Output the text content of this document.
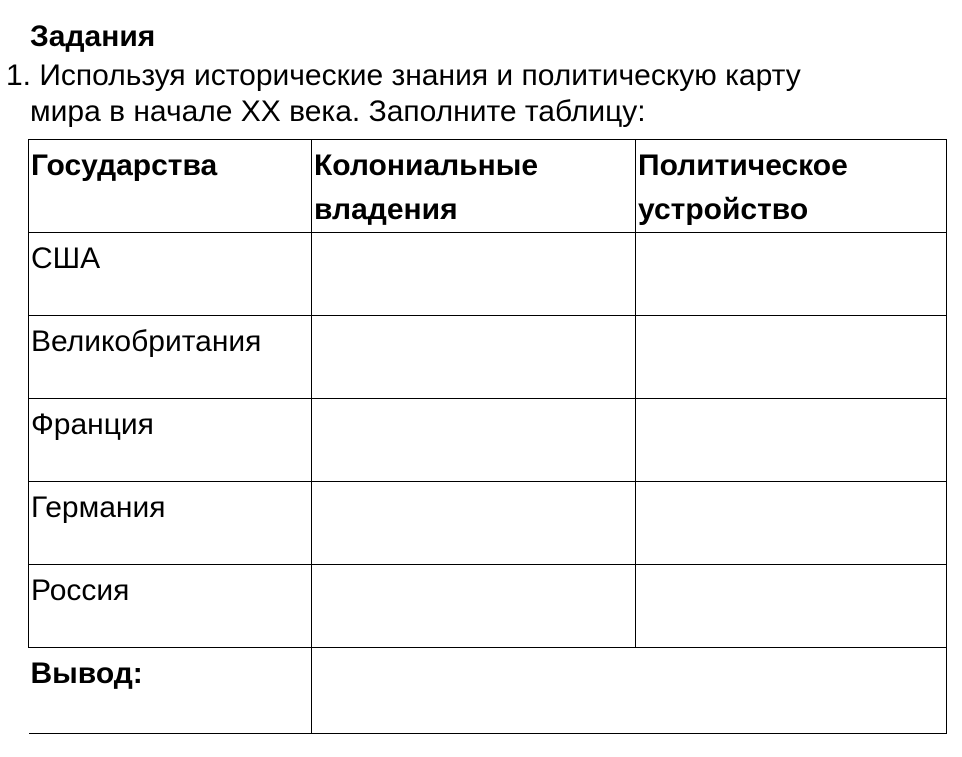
Задания
1. Используя исторические знания и политическую карту
мира в начале ХХ века. Заполните таблицу:
Государства	Колониальные владения	Политическое устройство
США		
Великобритания		
Франция		
Германия		
Россия		
Вывод:		
